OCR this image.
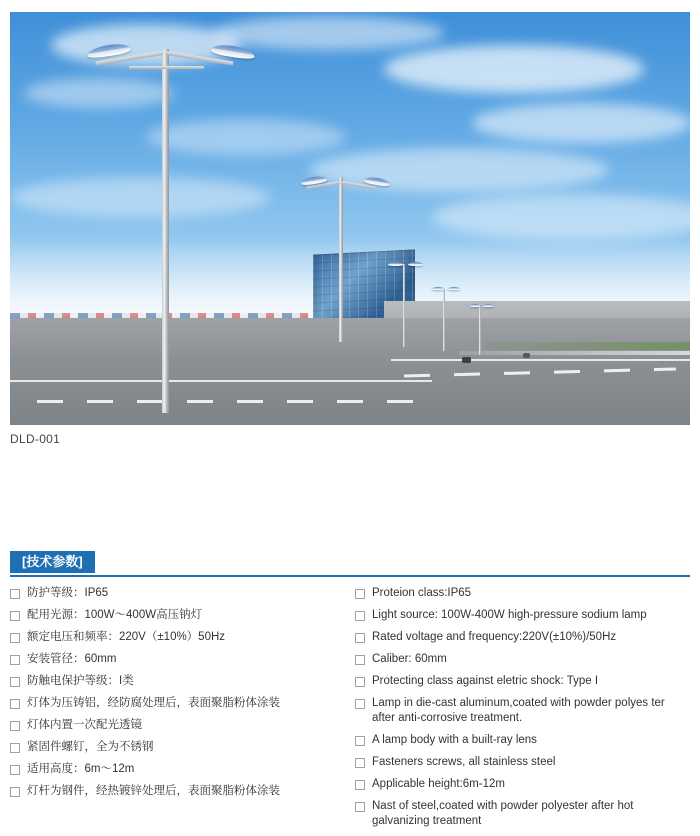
DLD-001
[技术参数]
防护等级：IP65
配用光源：100W～400W高压钠灯
额定电压和频率：220V（±10%）50Hz
安装管径：60mm
防触电保护等级：I类
灯体为压铸铝，经防腐处理后，表面聚脂粉体涂装
灯体内置一次配光透镜
紧固件螺钉，全为不锈钢
适用高度：6m～12m
灯杆为钢件，经热镀锌处理后，表面聚脂粉体涂装
Proteion class:IP65
Light source: 100W-400W high-pressure sodium lamp
Rated voltage and frequency:220V(±10%)/50Hz
Caliber: 60mm
Protecting class against eletric shock: Type I
Lamp in die-cast aluminum,coated with powder polyes ter after anti-corrosive treatment.
A lamp body with a built-ray lens
Fasteners screws, all stainless steel
Applicable height:6m-12m
Nast of steel,coated with powder polyester after hot galvanizing treatment
